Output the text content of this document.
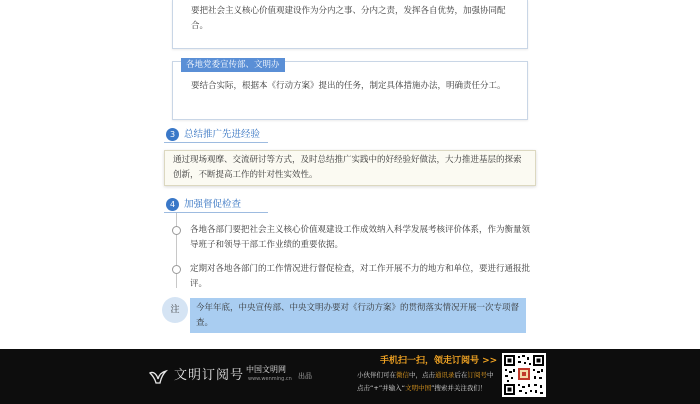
要把社会主义核心价值观建设作为分内之事、分内之责，发挥各自优势，加强协同配合。
要结合实际，根据本《行动方案》提出的任务，制定具体措施办法，明确责任分工。
各地党委宣传部、文明办
3 总结推广先进经验
通过现场观摩、交流研讨等方式，及时总结推广实践中的好经验好做法，大力推进基层的探索创新，不断提高工作的针对性实效性。
4 加强督促检查
各地各部门要把社会主义核心价值观建设工作成效纳入科学发展考核评价体系，作为衡量领导班子和领导干部工作业绩的重要依据。
定期对各地各部门的工作情况进行督促检查，对工作开展不力的地方和单位，要进行通报批评。
今年年底，中央宣传部、中央文明办要对《行动方案》的贯彻落实情况开展一次专项督查。
注
文明订阅号 中国文明网
www.wenming.cn 出品
手机扫一扫，领走订阅号 >>
小伙伴们可在微信中，点击通讯录后在订阅号中
点击“+”并输入“文明中国”搜索并关注我们！
